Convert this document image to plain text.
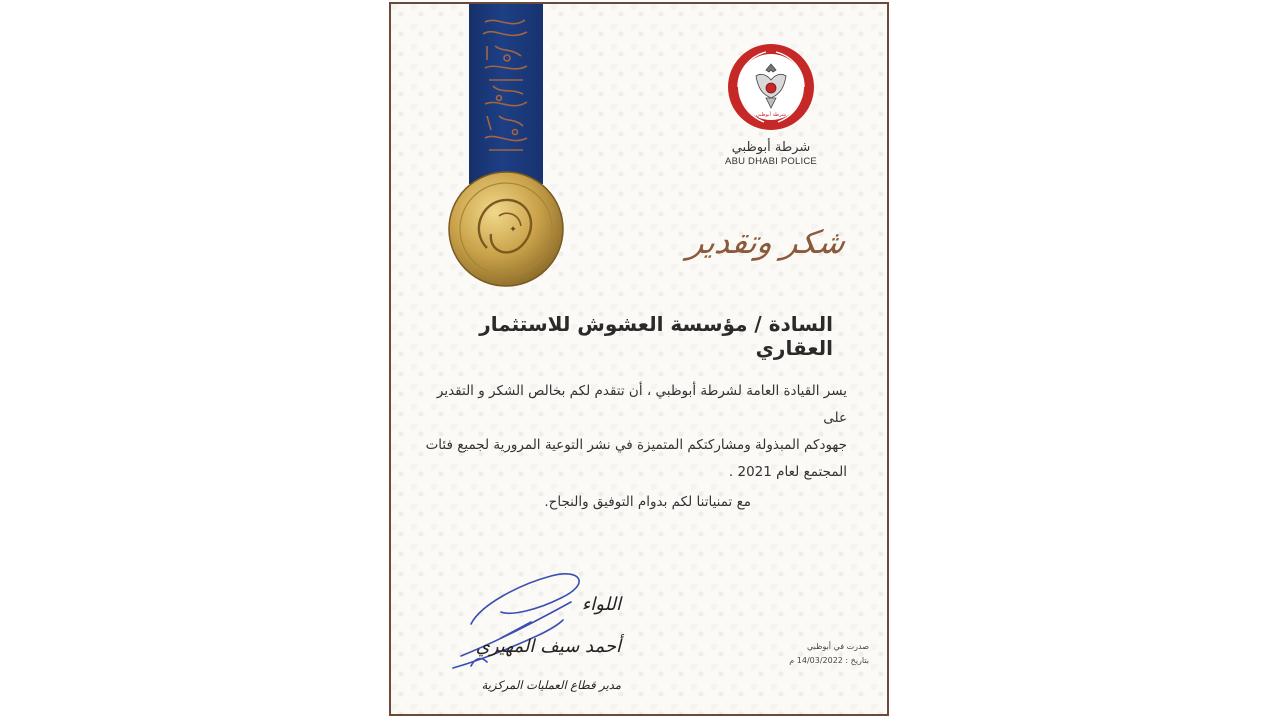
✦
شرطة أبوظبي
شرطة أبوظبي
ABU DHABI POLICE
شكر وتقدير
السادة / مؤسسة العشوش للاستثمار العقاري
يسر القيادة العامة لشرطة أبوظبي ، أن تتقدم لكم بخالص الشكر و التقدير على
جهودكم المبذولة ومشاركتكم المتميزة في نشر التوعية المرورية لجميع فئات
المجتمع لعام 2021 .
مع تمنياتنا لكم بدوام التوفيق والنجاح.
اللواء
أحمد سيف المهيري
مدير قطاع العمليات المركزية
صدرت في أبوظبي
بتاريخ : 14/03/2022 م
